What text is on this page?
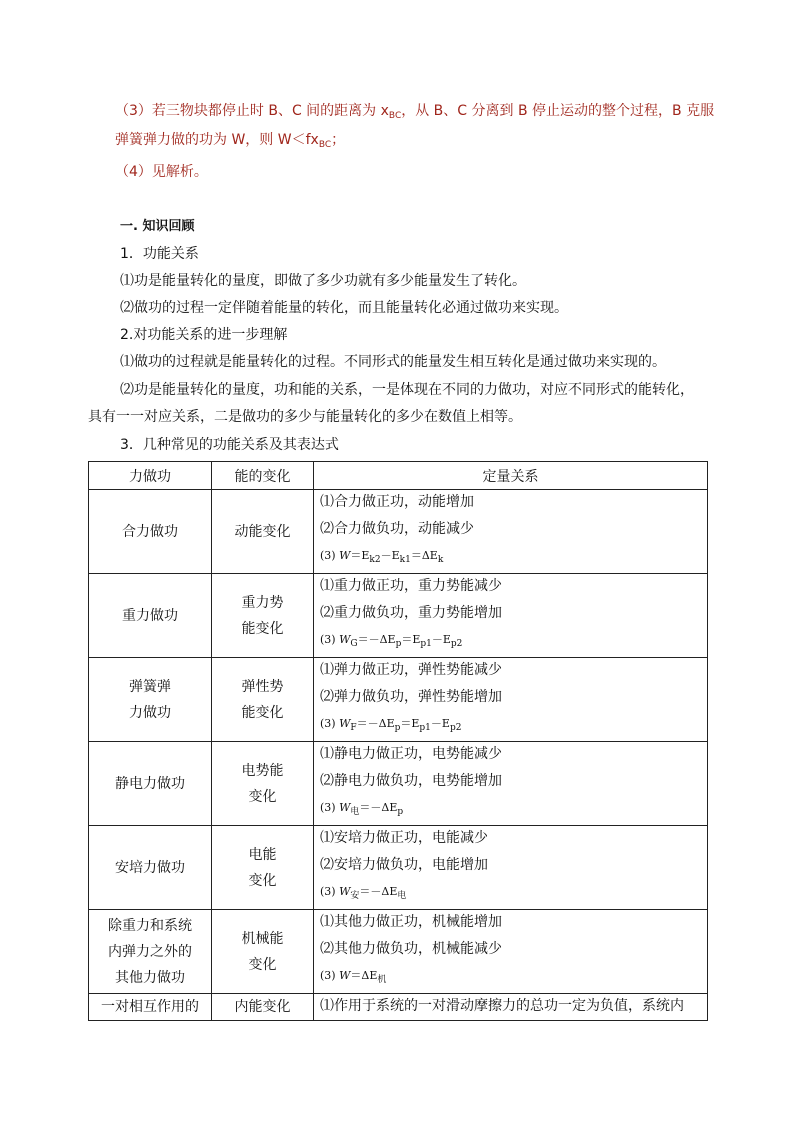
（3）若三物块都停止时 B、C 间的距离为 $x_{BC}$，从 B、C 分离到 B 停止运动的整个过程，B 克服
弹簧弹力做的功为 W，则 $W<fx_{BC}$；
（4）见解析。
一. 知识回顾
1．功能关系
⑴功是能量转化的量度，即做了多少功就有多少能量发生了转化。
⑵做功的过程一定伴随着能量的转化，而且能量转化必通过做功来实现。
2.对功能关系的进一步理解
⑴做功的过程就是能量转化的过程。不同形式的能量发生相互转化是通过做功来实现的。
⑵功是能量转化的量度，功和能的关系，一是体现在不同的力做功，对应不同形式的能转化，
具有一一对应关系，二是做功的多少与能量转化的多少在数值上相等。
3．几种常见的功能关系及其表达式
力做功	能的变化	定量关系
合力做功	动能变化	⑴合力做正功，动能增加
⑵合力做负功，动能减少
(3) $W=E_{k2}-E_{k1}=\Delta E_k$

重力做功	重力势
能变化	⑴重力做正功，重力势能减少
⑵重力做负功，重力势能增加
(3) $W_G=-\Delta E_p=E_{p1}-E_{p2}$

弹簧弹
力做功	弹性势
能变化	⑴弹力做正功，弹性势能减少
⑵弹力做负功，弹性势能增加
(3) $W_F=-\Delta E_p=E_{p1}-E_{p2}$

静电力做功	电势能
变化	⑴静电力做正功，电势能减少
⑵静电力做负功，电势能增加
(3) $W_电=-\Delta E_p$

安培力做功	电能
变化	⑴安培力做正功，电能减少
⑵安培力做负功，电能增加
(3) $W_安=-\Delta E_电$

除重力和系统
内弹力之外的
其他力做功	机械能
变化	⑴其他力做正功，机械能增加
⑵其他力做负功，机械能减少
(3) $W=\Delta E_机$

一对相互作用的	内能变化	⑴作用于系统的一对滑动摩擦力的总功一定为负值，系统内
